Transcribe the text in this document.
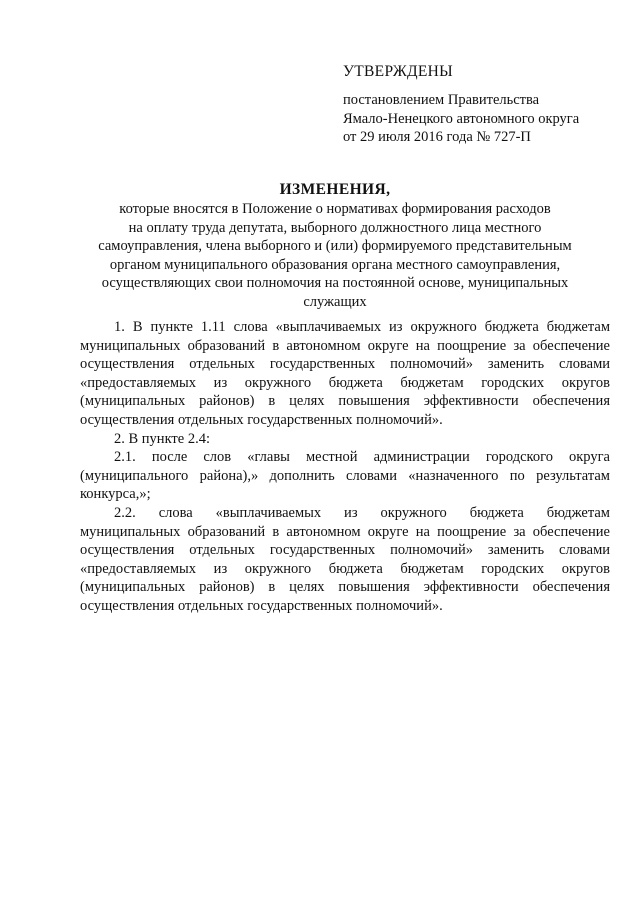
УТВЕРЖДЕНЫ
постановлением Правительства
Ямало-Ненецкого автономного округа
от 29 июля 2016 года № 727-П
ИЗМЕНЕНИЯ,
которые вносятся в Положение о нормативах формирования расходов
на оплату труда депутата, выборного должностного лица местного
самоуправления, члена выборного и (или) формируемого представительным
органом муниципального образования органа местного самоуправления,
осуществляющих свои полномочия на постоянной основе, муниципальных
служащих
1. В пункте 1.11 слова «выплачиваемых из окружного бюджета бюджетам
муниципальных образований в автономном округе на поощрение за обеспечение
осуществления отдельных государственных полномочий» заменить словами
«предоставляемых из окружного бюджета бюджетам городских округов
(муниципальных районов) в целях повышения эффективности обеспечения
осуществления отдельных государственных полномочий».
2. В пункте 2.4:
2.1. после слов «главы местной администрации городского округа
(муниципального района),» дополнить словами «назначенного по результатам
конкурса,»;
2.2. слова «выплачиваемых из окружного бюджета бюджетам
муниципальных образований в автономном округе на поощрение за обеспечение
осуществления отдельных государственных полномочий» заменить словами
«предоставляемых из окружного бюджета бюджетам городских округов
(муниципальных районов) в целях повышения эффективности обеспечения
осуществления отдельных государственных полномочий».
